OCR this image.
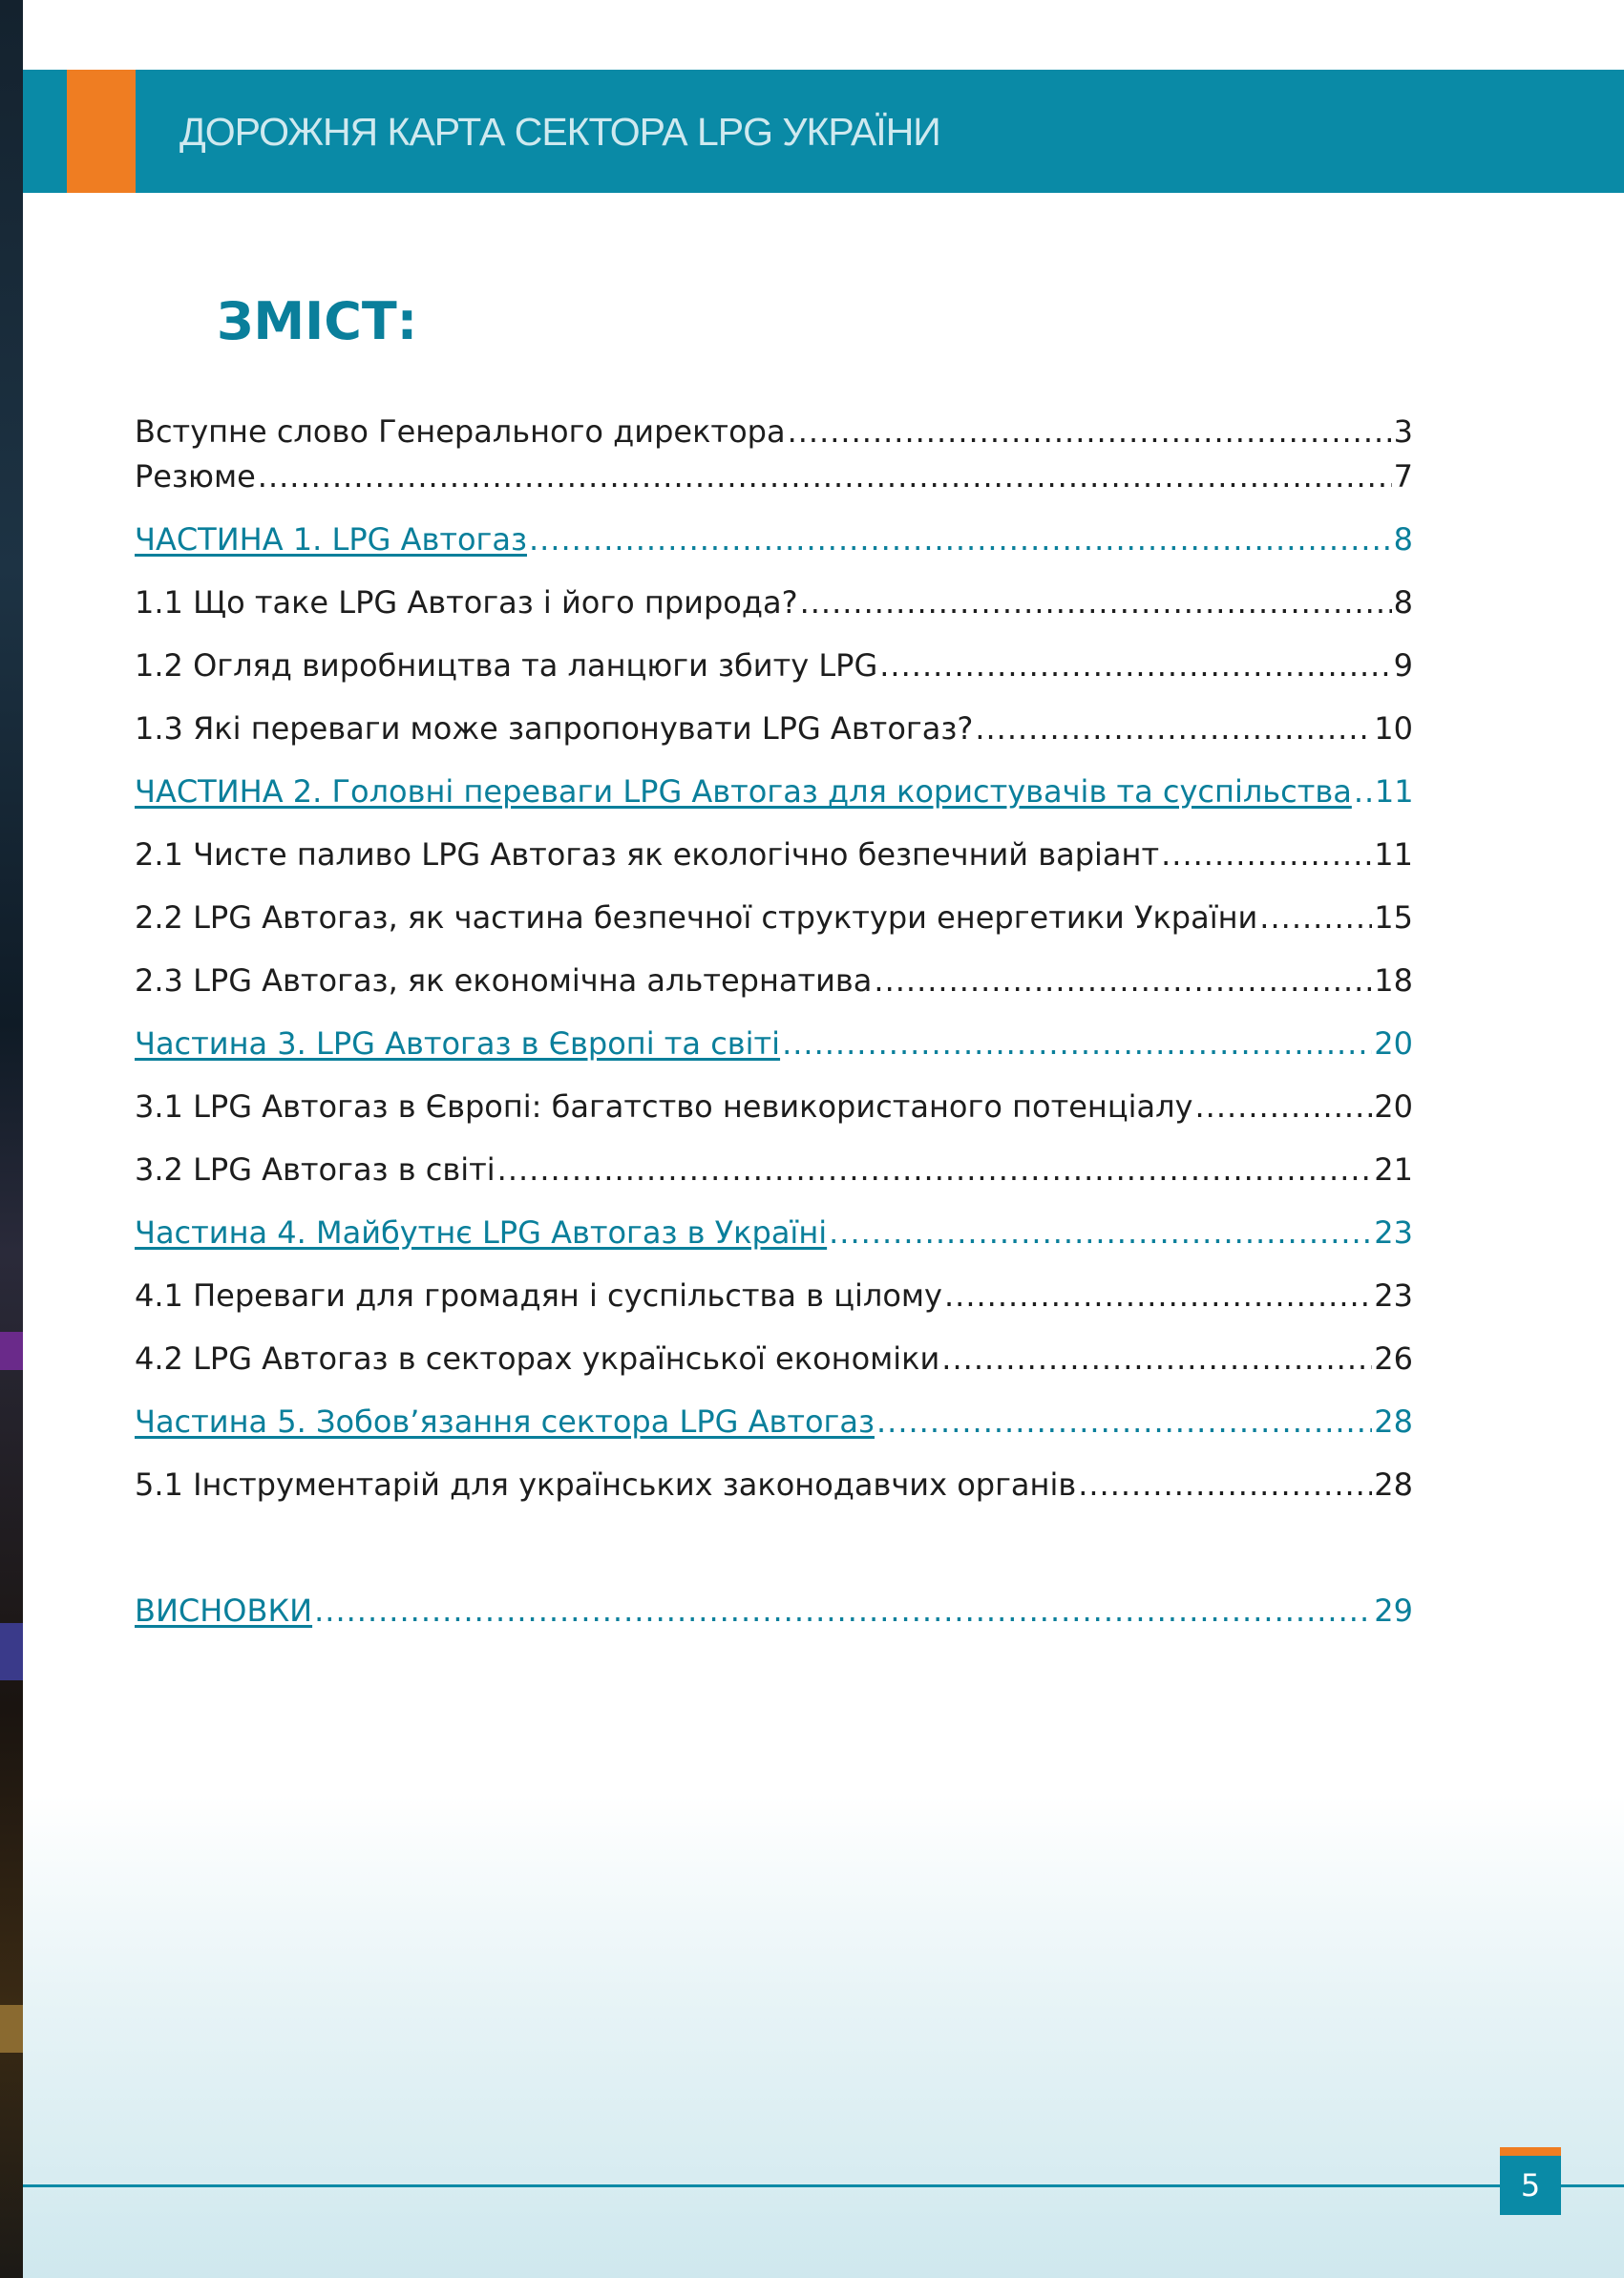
ДОРОЖНЯ КАРТА СЕКТОРА LPG УКРАЇНИ
ЗМІСТ:
Вступне слово Генерального директора .....	3
Резюме .....	7
ЧАСТИНА 1. LPG Автогаз .....	8
1.1 Що таке LPG Автогаз і його природа? .....	8
1.2 Огляд виробництва та ланцюги збиту LPG .....	9
1.3 Які переваги може запропонувати LPG Автогаз? .....	10
ЧАСТИНА 2. Головні переваги LPG Автогаз для користувачів та суспільства ..... 11
2.1 Чисте паливо LPG Автогаз як екологічно безпечний варіант .....	11
2.2 LPG Автогаз, як частина безпечної структури енергетики України .....	15
2.3 LPG Автогаз, як економічна альтернатива .....	18
Частина 3. LPG Автогаз в Європі та світі .....	20
3.1 LPG Автогаз в Європі: багатство невикористаного потенціалу .....	20
3.2 LPG Автогаз в світі .....	21
Частина 4. Майбутнє LPG Автогаз в Україні .....	23
4.1 Переваги для громадян і суспільства в цілому .....	23
4.2 LPG Автогаз в секторах української економіки .....	26
Частина 5. Зобов’язання сектора LPG Автогаз .....	28
5.1 Інструментарій для українських законодавчих органів .....	28
ВИСНОВКИ .....	29
5
